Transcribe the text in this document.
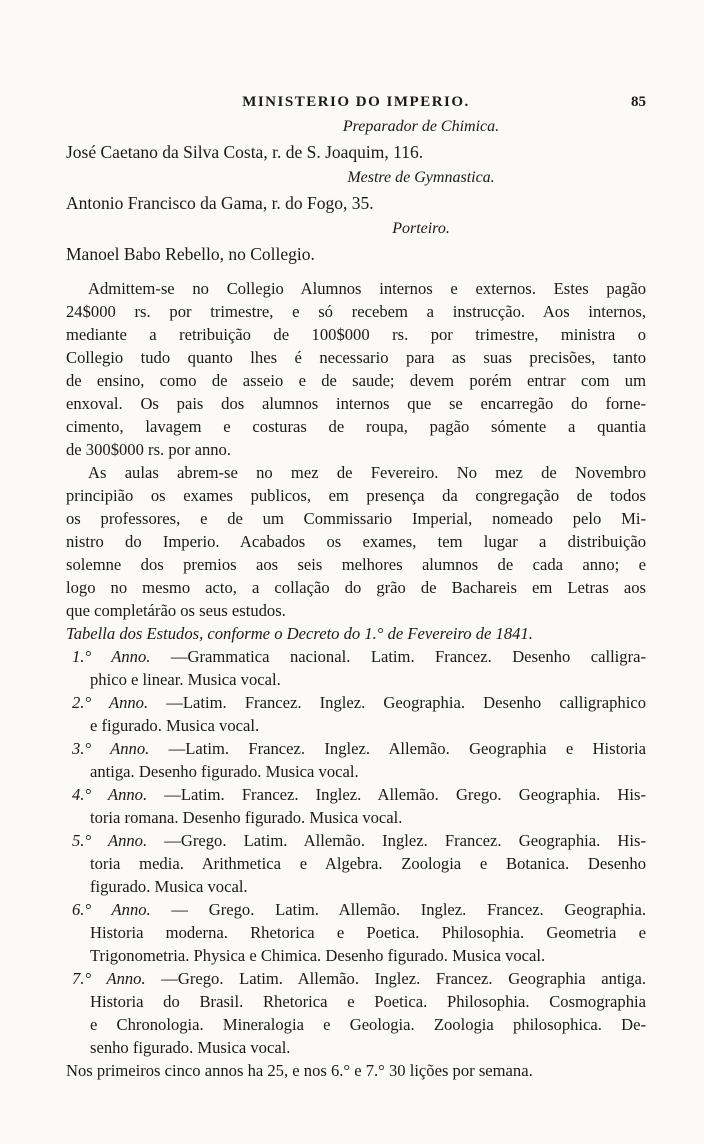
MINISTERIO DO IMPERIO.	85
Preparador de Chimica.
José Caetano da Silva Costa, r. de S. Joaquim, 116.
Mestre de Gymnastica.
Antonio Francisco da Gama, r. do Fogo, 35.
Porteiro.
Manoel Babo Rebello, no Collegio.
Admittem-se no Collegio Alumnos internos e externos. Estes pagão
24$000 rs. por trimestre, e só recebem a instrucção. Aos internos,
mediante a retribuição de 100$000 rs. por trimestre, ministra o
Collegio tudo quanto lhes é necessario para as suas precisões, tanto
de ensino, como de asseio e de saude; devem porém entrar com um
enxoval. Os pais dos alumnos internos que se encarregão do forne-
cimento, lavagem e costuras de roupa, pagão sómente a quantia
de 300$000 rs. por anno.
As aulas abrem-se no mez de Fevereiro. No mez de Novembro
principião os exames publicos, em presença da congregação de todos
os professores, e de um Commissario Imperial, nomeado pelo Mi-
nistro do Imperio. Acabados os exames, tem lugar a distribuição
solemne dos premios aos seis melhores alumnos de cada anno; e
logo no mesmo acto, a collação do grão de Bachareis em Letras aos
que completárão os seus estudos.
Tabella dos Estudos, conforme o Decreto do 1.° de Fevereiro de 1841.
1.° Anno. —Grammatica nacional. Latim. Francez. Desenho calligra-
phico e linear. Musica vocal.
2.° Anno. —Latim. Francez. Inglez. Geographia. Desenho calligraphico
e figurado. Musica vocal.
3.° Anno. —Latim. Francez. Inglez. Allemão. Geographia e Historia
antiga. Desenho figurado. Musica vocal.
4.° Anno. —Latim. Francez. Inglez. Allemão. Grego. Geographia. His-
toria romana. Desenho figurado. Musica vocal.
5.° Anno. —Grego. Latim. Allemão. Inglez. Francez. Geographia. His-
toria media. Arithmetica e Algebra. Zoologia e Botanica. Desenho
figurado. Musica vocal.
6.° Anno. — Grego. Latim. Allemão. Inglez. Francez. Geographia.
Historia moderna. Rhetorica e Poetica. Philosophia. Geometria e
Trigonometria. Physica e Chimica. Desenho figurado. Musica vocal.
7.° Anno. —Grego. Latim. Allemão. Inglez. Francez. Geographia antiga.
Historia do Brasil. Rhetorica e Poetica. Philosophia. Cosmographia
e Chronologia. Mineralogia e Geologia. Zoologia philosophica. De-
senho figurado. Musica vocal.
Nos primeiros cinco annos ha 25, e nos 6.° e 7.° 30 lições por semana.
